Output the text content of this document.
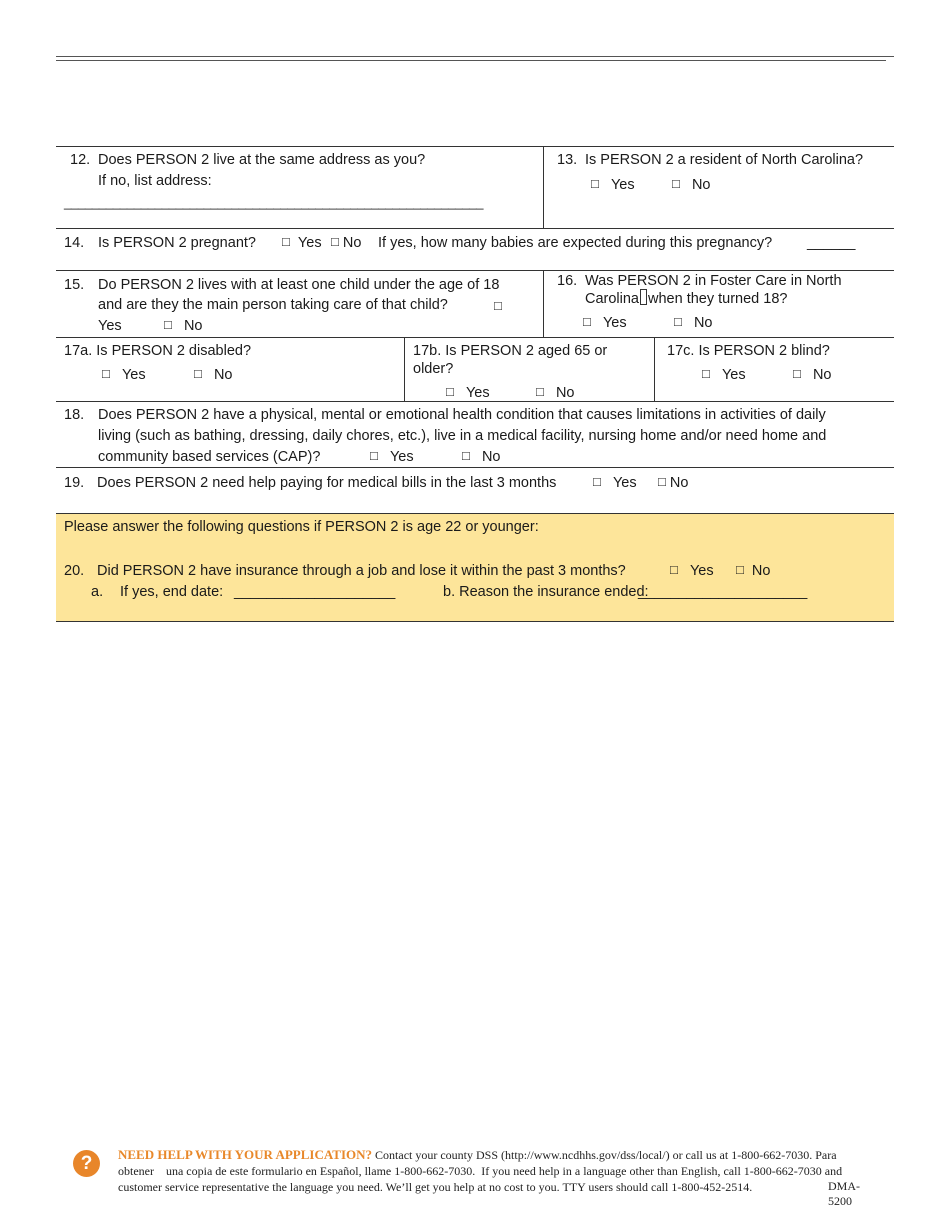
12. Does PERSON 2 live at the same address as you?
If no, list address:
____________________________________________________________
13. Is PERSON 2 a resident of North Carolina?
□ Yes	□ No
14. Is PERSON 2 pregnant? □ Yes □ No If yes, how many babies are expected during this pregnancy? ______
15. Do PERSON 2 lives with at least one child under the age of 18
and are they the main person taking care of that child?	□
Yes	□ No
16. Was PERSON 2 in Foster Care in North
Carolina when they turned 18?
□ Yes	□ No
17a. Is PERSON 2 disabled?
□ Yes	□ No
17b. Is PERSON 2 aged 65 or
older?
□ Yes	□ No
17c. Is PERSON 2 blind?
□ Yes	□ No
18. Does PERSON 2 have a physical, mental or emotional health condition that causes limitations in activities of daily
living (such as bathing, dressing, daily chores, etc.), live in a medical facility, nursing home and/or need home and
community based services (CAP)?	□ Yes	□ No
19. Does PERSON 2 need help paying for medical bills in the last 3 months	□ Yes □ No
Please answer the following questions if PERSON 2 is age 22 or younger:
20. Did PERSON 2 have insurance through a job and lose it within the past 3 months?	□ Yes □ No
a. If yes, end date: ____________________	b. Reason the insurance ended:
_____________________
?	NEED HELP WITH YOUR APPLICATION? Contact your county DSS (http://www.ncdhhs.gov/dss/local/) or call us at 1-800-662-7030. Para
obtener    una copia de este formulario en Español, llame 1-800-662-7030.  If you need help in a language other than English, call 1-800-662-7030 and
customer service representative the language you need. We’ll get you help at no cost to you. TTY users should call 1-800-452-2514.	DMA-
5200
